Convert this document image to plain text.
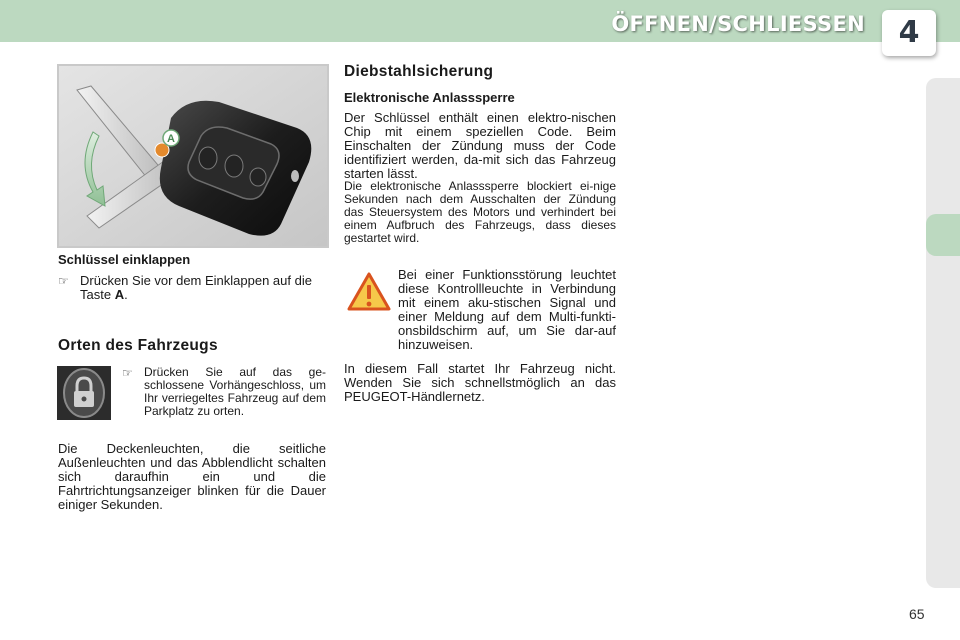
ÖFFNEN/SCHLIESSEN	4
A

Schlüssel einklappen

☞ Drücken Sie vor dem Einklappen auf die Taste A.

Orten des Fahrzeugs

☞ Drücken Sie auf das ge-schlossene Vorhängeschloss, um Ihr verriegeltes Fahrzeug auf dem Parkplatz zu orten.

Die Deckenleuchten, die seitliche Außenleuchten und das Abblendlicht schalten sich daraufhin ein und die Fahrtrichtungsanzeiger blinken für die Dauer einiger Sekunden.

Diebstahlsicherung

Elektronische Anlasssperre

Der Schlüssel enthält einen elektro-nischen Chip mit einem speziellen Code. Beim Einschalten der Zündung muss der Code identifiziert werden, da-mit sich das Fahrzeug starten lässt.

Die elektronische Anlasssperre blockiert ei-nige Sekunden nach dem Ausschalten der Zündung das Steuersystem des Motors und verhindert bei einem Aufbruch des Fahrzeugs, dass dieses gestartet wird.

Bei einer Funktionsstörung leuchtet diese Kontrollleuchte in Verbindung mit einem aku-stischen Signal und einer Meldung auf dem Multi-funkti-onsbildschirm auf, um Sie dar-auf hinzuweisen.

In diesem Fall startet Ihr Fahrzeug nicht. Wenden Sie sich schnellstmöglich an das PEUGEOT-Händlernetz.

65
